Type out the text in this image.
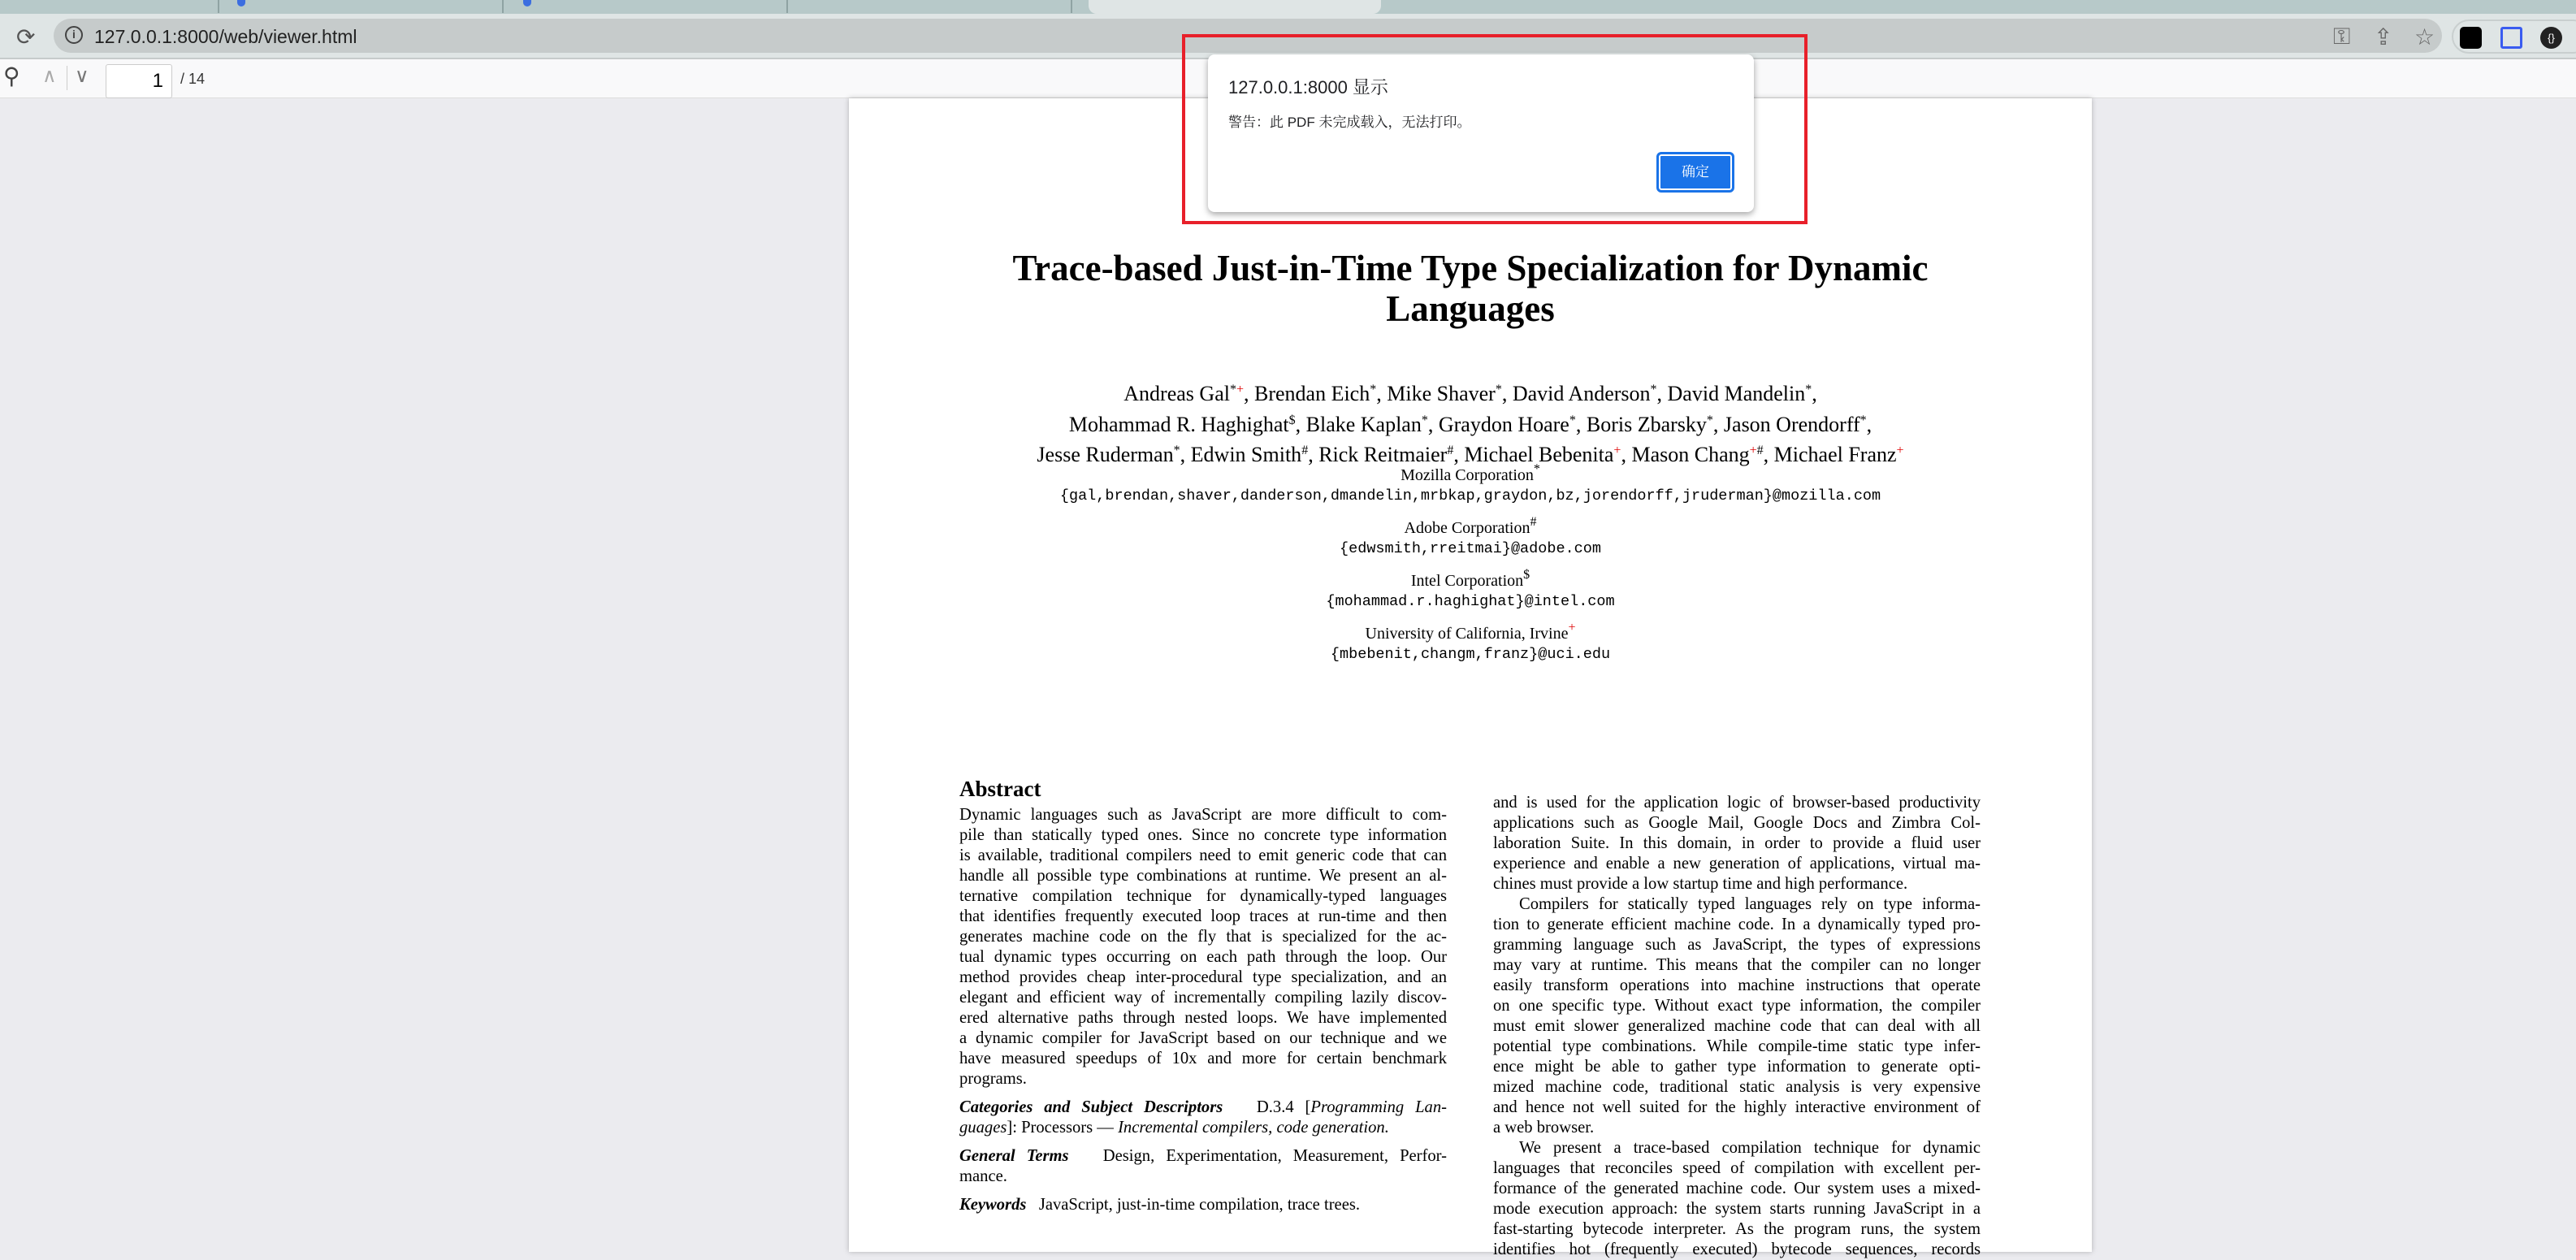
⟳	i	127.0.0.1:8000/web/viewer.html	⚿ ⇪ ☆	{}
⚲ ∧ ∨
1	/ 14
Trace-based Just-in-Time Type Specialization for Dynamic
Languages
Andreas Gal*+, Brendan Eich*, Mike Shaver*, David Anderson*, David Mandelin*,
Mohammad R. Haghighat$, Blake Kaplan*, Graydon Hoare*, Boris Zbarsky*, Jason Orendorff*,
Jesse Ruderman*, Edwin Smith#, Rick Reitmaier#, Michael Bebenita+, Mason Chang+#, Michael Franz+
Mozilla Corporation*
{gal,brendan,shaver,danderson,dmandelin,mrbkap,graydon,bz,jorendorff,jruderman}@mozilla.com
Adobe Corporation#
{edwsmith,rreitmai}@adobe.com
Intel Corporation$
{mohammad.r.haghighat}@intel.com
University of California, Irvine+
{mbebenit,changm,franz}@uci.edu
Abstract
Dynamic languages such as JavaScript are more difficult to com-
pile than statically typed ones. Since no concrete type information
is available, traditional compilers need to emit generic code that can
handle all possible type combinations at runtime. We present an al-
ternative compilation technique for dynamically-typed languages
that identifies frequently executed loop traces at run-time and then
generates machine code on the fly that is specialized for the ac-
tual dynamic types occurring on each path through the loop. Our
method provides cheap inter-procedural type specialization, and an
elegant and efficient way of incrementally compiling lazily discov-
ered alternative paths through nested loops. We have implemented
a dynamic compiler for JavaScript based on our technique and we
have measured speedups of 10x and more for certain benchmark
programs.
Categories and Subject Descriptors D.3.4 [Programming Lan-
guages]: Processors — Incremental compilers, code generation.
General Terms Design, Experimentation, Measurement, Perfor-
mance.
Keywords JavaScript, just-in-time compilation, trace trees.
and is used for the application logic of browser-based productivity
applications such as Google Mail, Google Docs and Zimbra Col-
laboration Suite. In this domain, in order to provide a fluid user
experience and enable a new generation of applications, virtual ma-
chines must provide a low startup time and high performance.
Compilers for statically typed languages rely on type informa-
tion to generate efficient machine code. In a dynamically typed pro-
gramming language such as JavaScript, the types of expressions
may vary at runtime. This means that the compiler can no longer
easily transform operations into machine instructions that operate
on one specific type. Without exact type information, the compiler
must emit slower generalized machine code that can deal with all
potential type combinations. While compile-time static type infer-
ence might be able to gather type information to generate opti-
mized machine code, traditional static analysis is very expensive
and hence not well suited for the highly interactive environment of
a web browser.
We present a trace-based compilation technique for dynamic
languages that reconciles speed of compilation with excellent per-
formance of the generated machine code. Our system uses a mixed-
mode execution approach: the system starts running JavaScript in a
fast-starting bytecode interpreter. As the program runs, the system
identifies hot (frequently executed) bytecode sequences, records
127.0.0.1:8000 显示
警告：此 PDF 未完成载入，无法打印。
确定
